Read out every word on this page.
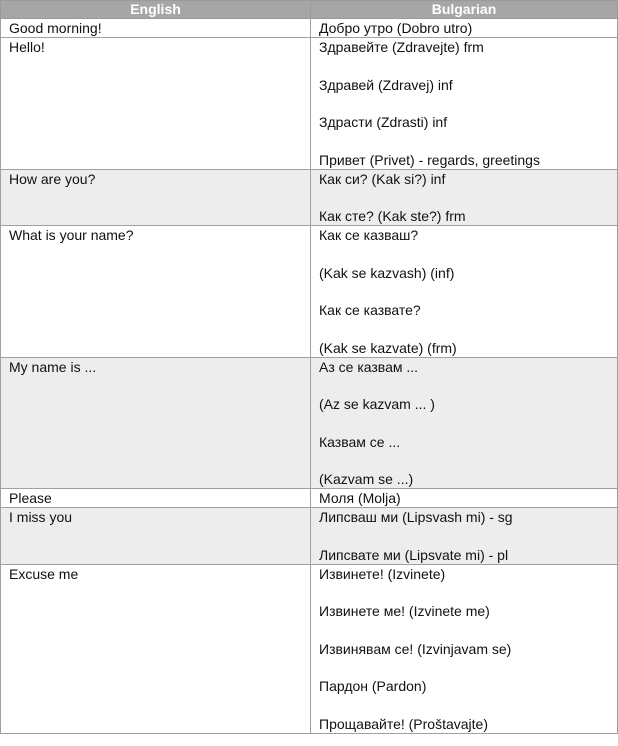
English	Bulgarian

Good morning!	Добро утро (Dobro utro)

Hello!	Здравейте (Zdravejte) frm
Здравей (Zdravej) inf
Здрасти (Zdrasti) inf
Привет (Privet) - regards, greetings

How are you?	Как си? (Kak si?) inf
Как сте? (Kak ste?) frm

What is your name?	Как се казваш?
(Kak se kazvash) (inf)
Как се казвате?
(Kak se kazvate) (frm)

My name is ...	Аз се казвам ...
(Az se kazvam ... )
Казвам се ...
(Kazvam se ...)

Please	Моля (Molja)

I miss you	Липсваш ми (Lipsvash mi) - sg
Липсвате ми (Lipsvate mi) - pl

Excuse me	Извинете! (Izvinete)
Извинете ме! (Izvinete me)
Извинявам се! (Izvinjavam se)
Пардон (Pardon)
Прощавайте! (Proštavajte)
